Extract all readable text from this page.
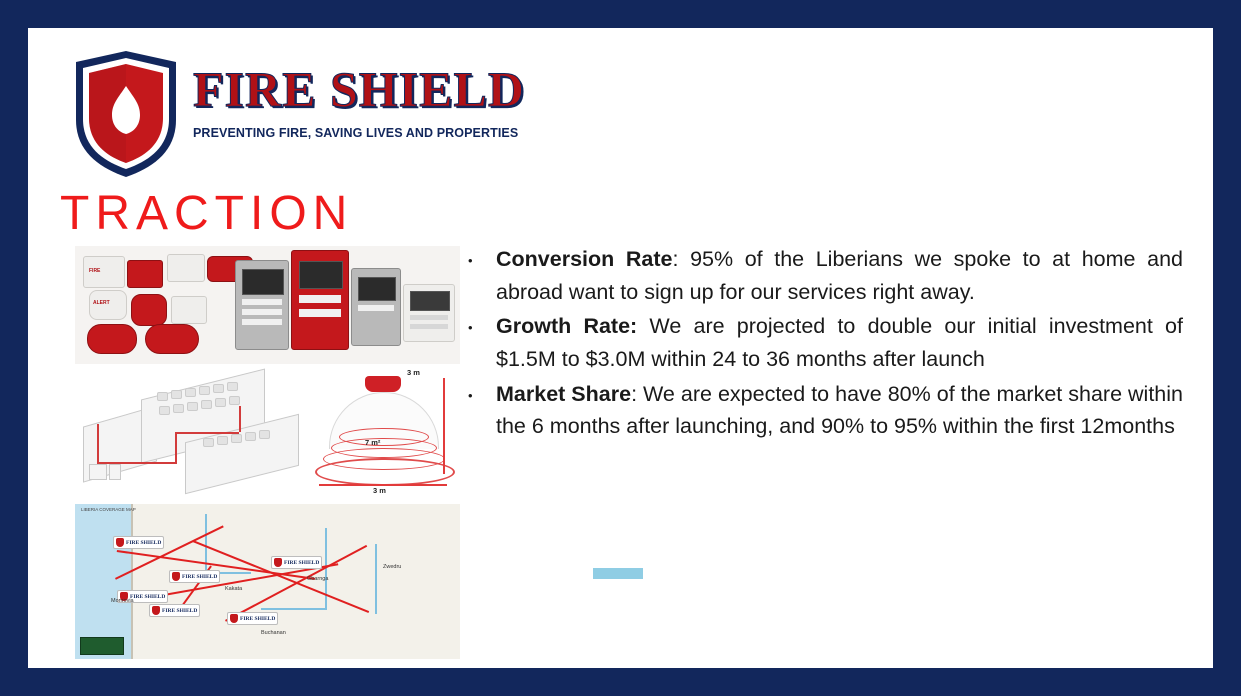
FIRE SHIELD
PREVENTING FIRE, SAVING LIVES AND PROPERTIES
TRACTION
FIRE
ALERT
3 m
7 m²
3 m
LIBERIA COVERAGE MAP
FIRE SHIELD
FIRE SHIELD
FIRE SHIELD
FIRE SHIELD
FIRE SHIELD
FIRE SHIELD
Monrovia
Gbarnga
Kakata
Zwedru
Buchanan
•	Conversion Rate: 95% of the Liberians we spoke to at home and abroad want to sign up for our services right away.
•	Growth Rate: We are projected to double our initial investment of $1.5M to $3.0M within 24 to 36 months after launch
•	Market Share: We are expected to have 80% of the market share within the 6 months after launching, and 90% to 95% within the first 12months
